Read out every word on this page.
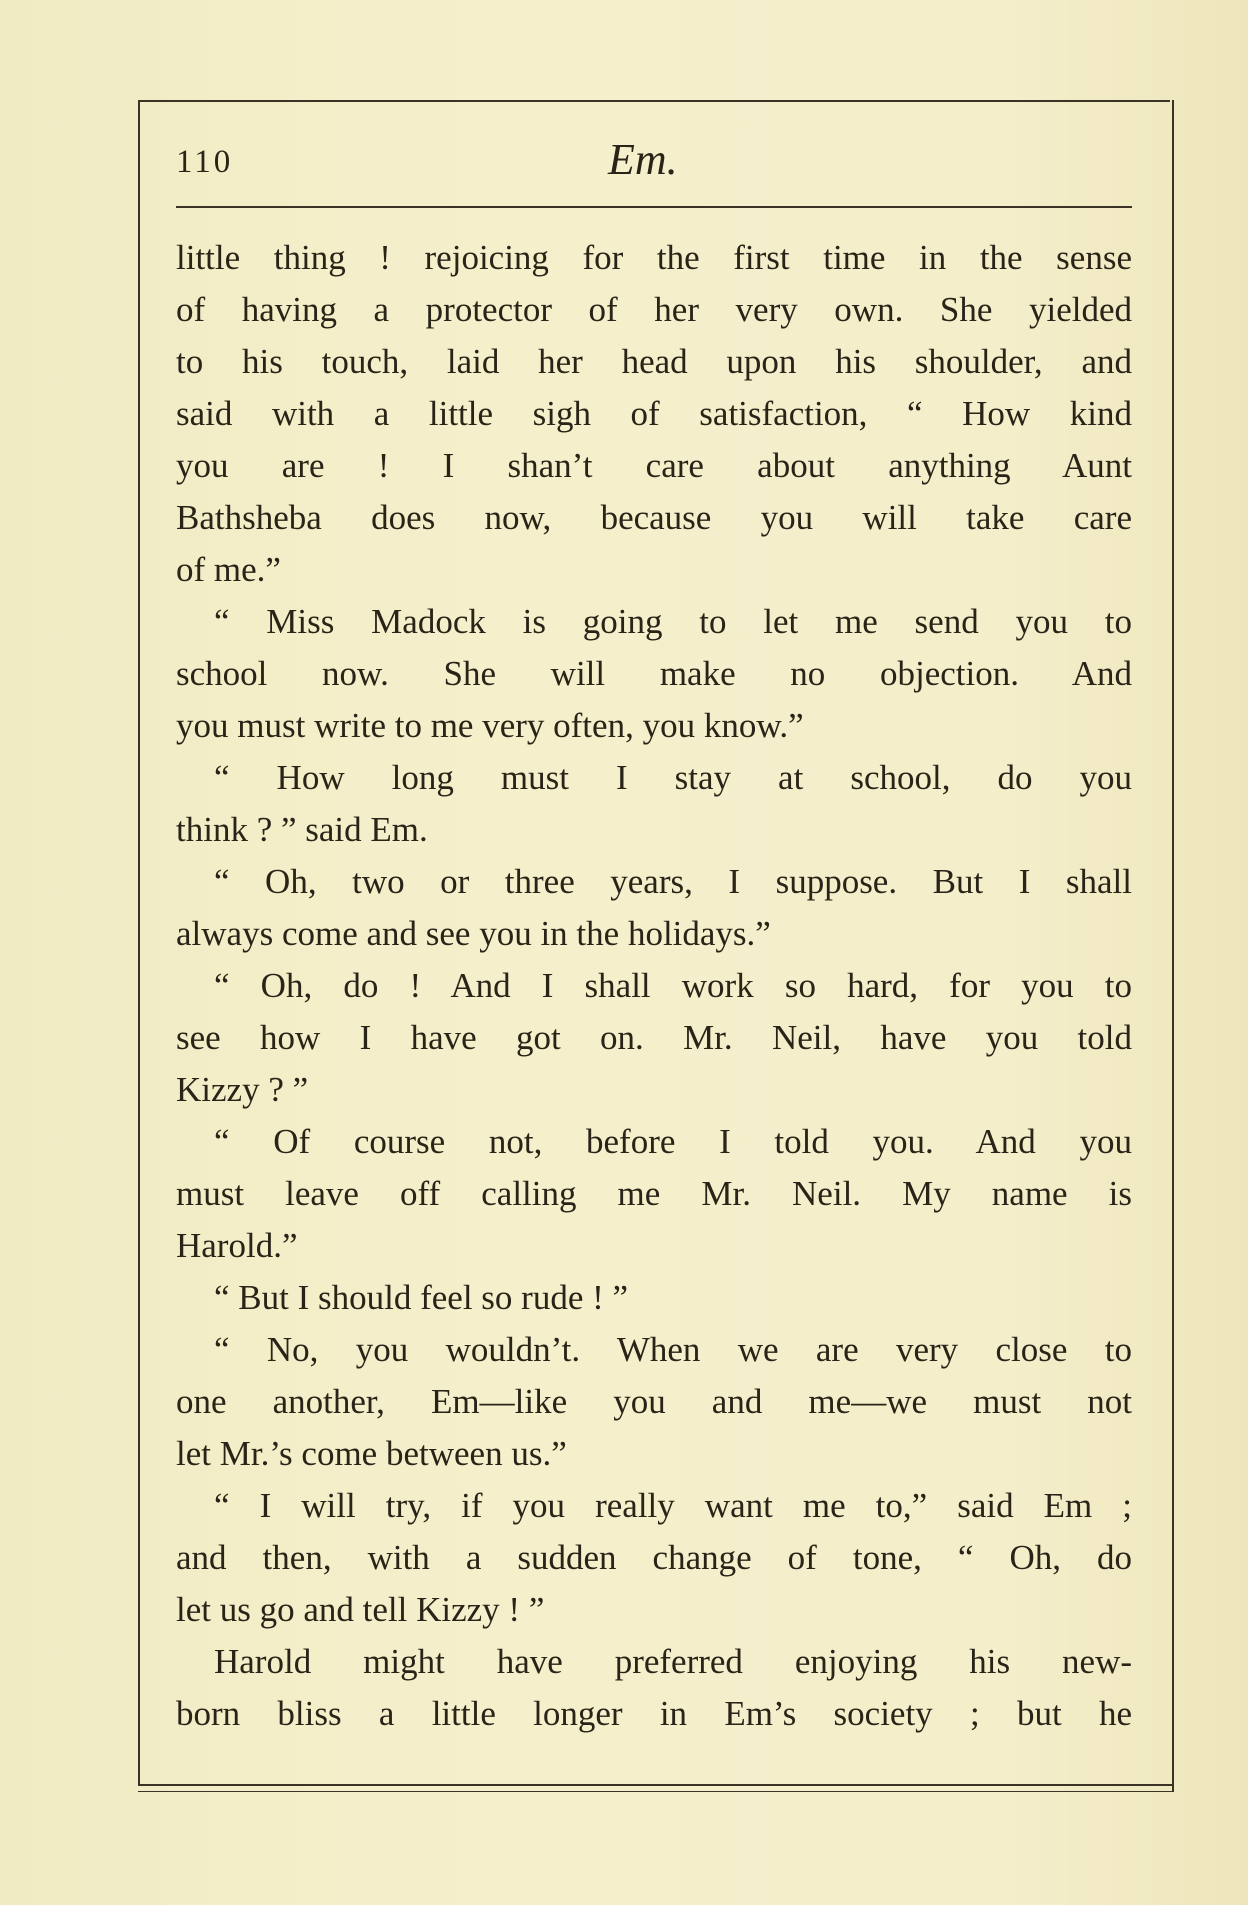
110	Em.
little thing ! rejoicing for the first time in the sense
of having a protector of her very own. She yielded
to his touch, laid her head upon his shoulder, and
said with a little sigh of satisfaction, “ How kind
you are ! I shan’t care about anything Aunt
Bathsheba does now, because you will take care
of me.”
“ Miss Madock is going to let me send you to
school now. She will make no objection. And
you must write to me very often, you know.”
“ How long must I stay at school, do you
think ? ” said Em.
“ Oh, two or three years, I suppose. But I shall
always come and see you in the holidays.”
“ Oh, do ! And I shall work so hard, for you to
see how I have got on. Mr. Neil, have you told
Kizzy ? ”
“ Of course not, before I told you. And you
must leave off calling me Mr. Neil. My name is
Harold.”
“ But I should feel so rude ! ”
“ No, you wouldn’t. When we are very close to
one another, Em—like you and me—we must not
let Mr.’s come between us.”
“ I will try, if you really want me to,” said Em ;
and then, with a sudden change of tone, “ Oh, do
let us go and tell Kizzy ! ”
Harold might have preferred enjoying his new-
born bliss a little longer in Em’s society ; but he
